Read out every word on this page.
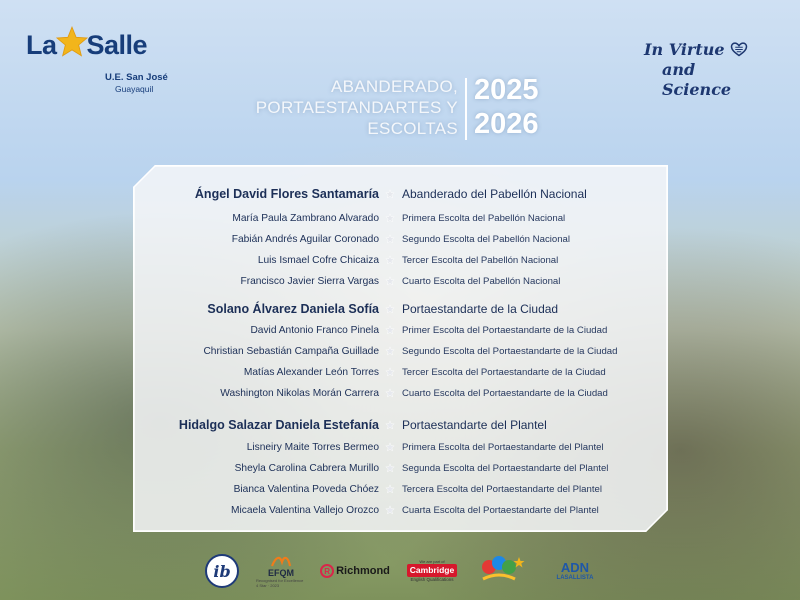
La Salle
U.E. San José
Guayaquil
In Virtue
and Science
ABANDERADO,
PORTAESTANDARTES Y
ESCOLTAS
2025
2026
Ángel David Flores Santamaría Abanderado del Pabellón Nacional
María Paula Zambrano Alvarado Primera Escolta del Pabellón Nacional
Fabián Andrés Aguilar Coronado Segundo Escolta del Pabellón Nacional
Luis Ismael Cofre Chicaiza Tercer Escolta del Pabellón Nacional
Francisco Javier Sierra Vargas Cuarto Escolta del Pabellón Nacional
Solano Álvarez Daniela Sofía Portaestandarte de la Ciudad
David Antonio Franco Pinela Primer Escolta del Portaestandarte de la Ciudad
Christian Sebastián Campaña Guillade Segundo Escolta del Portaestandarte de la Ciudad
Matías Alexander León Torres Tercer Escolta del Portaestandarte de la Ciudad
Washington Nikolas Morán Carrera Cuarto Escolta del Portaestandarte de la Ciudad
Hidalgo Salazar Daniela Estefanía Portaestandarte del Plantel
Lisneiry Maite Torres Bermeo Primera Escolta del Portaestandarte del Plantel
Sheyla Carolina Cabrera Murillo Segunda Escolta del Portaestandarte del Plantel
Bianca Valentina Poveda Chóez Tercera Escolta del Portaestandarte del Plantel
Micaela Valentina Vallejo Orozco Cuarta Escolta del Portaestandarte del Plantel
ib	EFQM
Recognised for Excellence 4 Star · 2023
R Richmond
We are part of
Cambridge
English Qualifications
ADN
LASALLISTA
